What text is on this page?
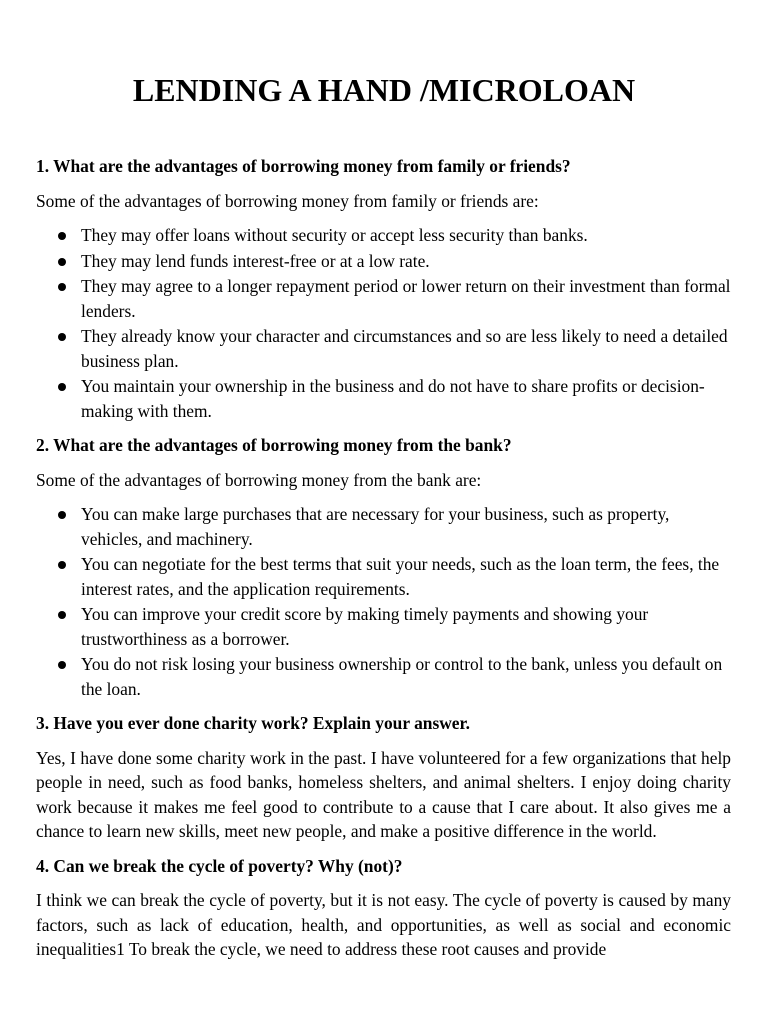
LENDING A HAND /MICROLOAN

1. What are the advantages of borrowing money from family or friends?

Some of the advantages of borrowing money from family or friends are:

They may offer loans without security or accept less security than banks.
They may lend funds interest-free or at a low rate.
They may agree to a longer repayment period or lower return on their investment than formal lenders.
They already know your character and circumstances and so are less likely to need a detailed business plan.
You maintain your ownership in the business and do not have to share profits or decision-making with them.

2. What are the advantages of borrowing money from the bank?

Some of the advantages of borrowing money from the bank are:

You can make large purchases that are necessary for your business, such as property, vehicles, and machinery.
You can negotiate for the best terms that suit your needs, such as the loan term, the fees, the interest rates, and the application requirements.
You can improve your credit score by making timely payments and showing your trustworthiness as a borrower.
You do not risk losing your business ownership or control to the bank, unless you default on the loan.

3. Have you ever done charity work? Explain your answer.

Yes, I have done some charity work in the past. I have volunteered for a few organizations that help people in need, such as food banks, homeless shelters, and animal shelters. I enjoy doing charity work because it makes me feel good to contribute to a cause that I care about. It also gives me a chance to learn new skills, meet new people, and make a positive difference in the world.

4. Can we break the cycle of poverty? Why (not)?

I think we can break the cycle of poverty, but it is not easy. The cycle of poverty is caused by many factors, such as lack of education, health, and opportunities, as well as social and economic inequalities1 To break the cycle, we need to address these root causes and provide
